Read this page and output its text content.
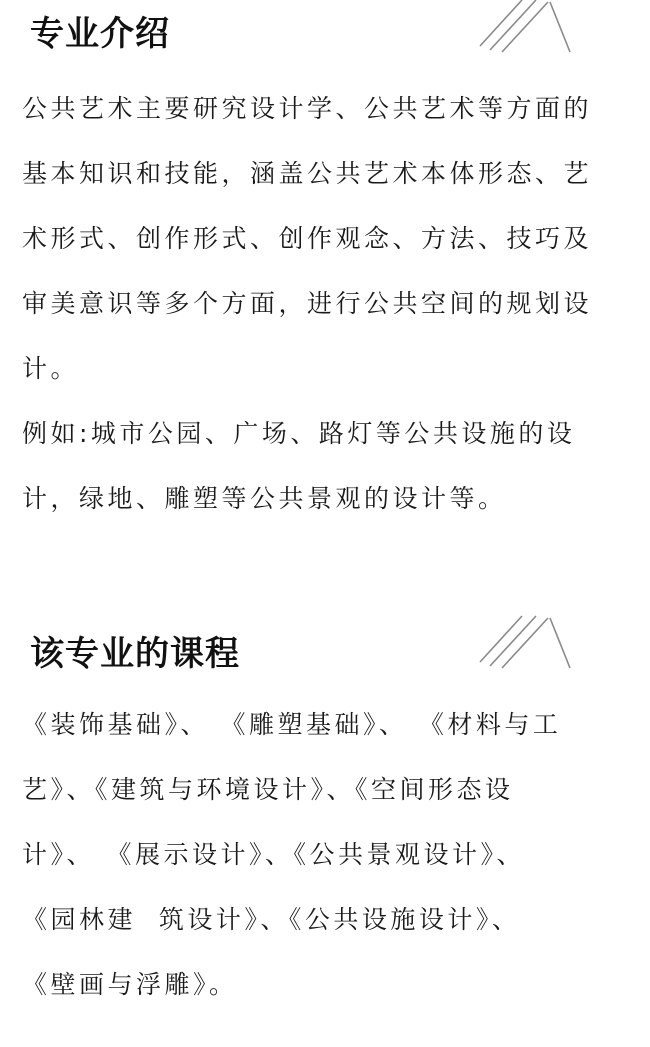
专业介绍
公共艺术主要研究设计学、公共艺术等方面的
基本知识和技能，涵盖公共艺术本体形态、艺
术形式、创作形式、创作观念、方法、技巧及
审美意识等多个方面，进行公共空间的规划设
计。
例如:城市公园、广场、路灯等公共设施的设
计，绿地、雕塑等公共景观的设计等。
该专业的课程
《装饰基础》、 《雕塑基础》、 《材料与工
艺》、《建筑与环境设计》、《空间形态设
计》、 《展示设计》、《公共景观设计》、
《园林建  筑设计》、《公共设施设计》、
《壁画与浮雕》。
